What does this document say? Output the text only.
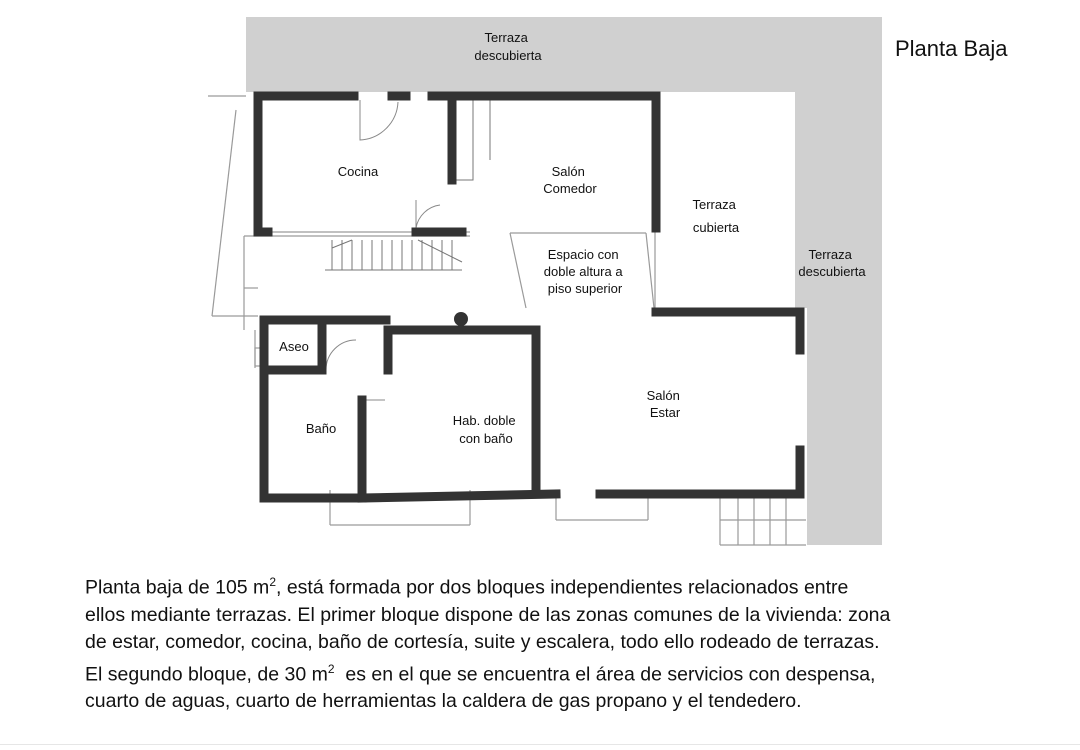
Terraza descubierta
Cocina	Salón Comedor
Terraza cubierta
Terraza descubierta
Espacio con doble altura a piso superior
Aseo
Baño
Hab. doble con baño
Salón Estar
Planta Baja

Planta baja de 105 $m^2$, está formada por dos bloques independientes relacionados entre

ellos mediante terrazas. El primer bloque dispone de las zonas comunes de la vivienda: zona

de estar, comedor, cocina, baño de cortesía, suite y escalera, todo ello rodeado de terrazas.

El segundo bloque, de 30 $m^2$  es en el que se encuentra el área de servicios con despensa,

cuarto de aguas, cuarto de herramientas la caldera de gas propano y el tendedero.
